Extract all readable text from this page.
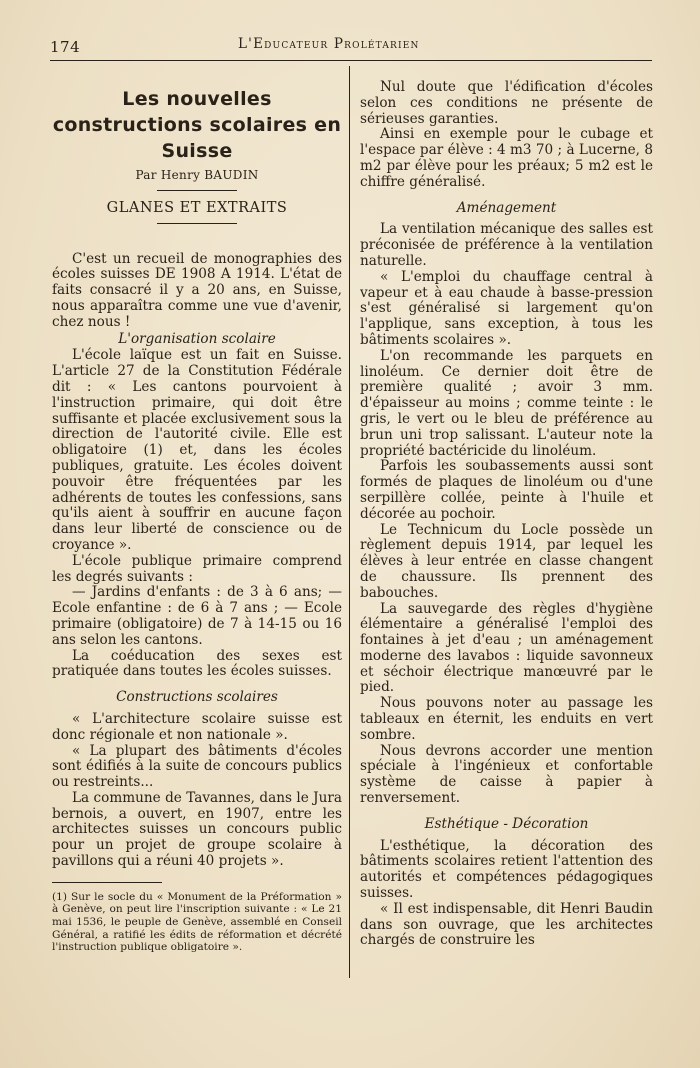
174	L'Educateur Prolétarien
Les nouvelles constructions scolaires en Suisse
Par Henry BAUDIN
GLANES ET EXTRAITS

C'est un recueil de monographies des écoles suisses DE 1908 A 1914. L'état de faits consacré il y a 20 ans, en Suisse, nous apparaîtra comme une vue d'avenir, chez nous !

L'organisation scolaire

L'école laïque est un fait en Suisse. L'article 27 de la Constitution Fédérale dit : « Les cantons pourvoient à l'instruction primaire, qui doit être suffisante et placée exclusivement sous la direction de l'autorité civile. Elle est obligatoire (1) et, dans les écoles publiques, gratuite. Les écoles doivent pouvoir être fréquentées par les adhérents de toutes les confessions, sans qu'ils aient à souffrir en aucune façon dans leur liberté de conscience ou de croyance ».

L'école publique primaire comprend les degrés suivants :

— Jardins d'enfants : de 3 à 6 ans; — Ecole enfantine : de 6 à 7 ans ; — Ecole primaire (obligatoire) de 7 à 14-15 ou 16 ans selon les cantons.

La coéducation des sexes est pratiquée dans toutes les écoles suisses.

Constructions scolaires

« L'architecture scolaire suisse est donc régionale et non nationale ».

« La plupart des bâtiments d'écoles sont édifiés à la suite de concours publics ou restreints...

La commune de Tavannes, dans le Jura bernois, a ouvert, en 1907, entre les architectes suisses un concours public pour un projet de groupe scolaire à pavillons qui a réuni 40 projets ».

(1) Sur le socle du « Monument de la Préformation » à Genève, on peut lire l'inscription suivante : « Le 21 mai 1536, le peuple de Genève, assemblé en Conseil Général, a ratifié les édits de réformation et décrété l'instruction publique obligatoire ».

Nul doute que l'édification d'écoles selon ces conditions ne présente de sérieuses garanties.

Ainsi en exemple pour le cubage et l'espace par élève : 4 m3 70 ; à Lucerne, 8 m2 par élève pour les préaux; 5 m2 est le chiffre généralisé.

Aménagement

La ventilation mécanique des salles est préconisée de préférence à la ventilation naturelle.

« L'emploi du chauffage central à vapeur et à eau chaude à basse-pression s'est généralisé si largement qu'on l'applique, sans exception, à tous les bâtiments scolaires ».

L'on recommande les parquets en linoléum. Ce dernier doit être de première qualité ; avoir 3 mm. d'épaisseur au moins ; comme teinte : le gris, le vert ou le bleu de préférence au brun uni trop salissant. L'auteur note la propriété bactéricide du linoléum.

Parfois les soubassements aussi sont formés de plaques de linoléum ou d'une serpillère collée, peinte à l'huile et décorée au pochoir.

Le Technicum du Locle possède un règlement depuis 1914, par lequel les élèves à leur entrée en classe changent de chaussure. Ils prennent des babouches.

La sauvegarde des règles d'hygiène élémentaire a généralisé l'emploi des fontaines à jet d'eau ; un aménagement moderne des lavabos : liquide savonneux et séchoir électrique manœuvré par le pied.

Nous pouvons noter au passage les tableaux en éternit, les enduits en vert sombre.

Nous devrons accorder une mention spéciale à l'ingénieux et confortable système de caisse à papier à renversement.

Esthétique - Décoration

L'esthétique, la décoration des bâtiments scolaires retient l'attention des autorités et compétences pédagogiques suisses.

« Il est indispensable, dit Henri Baudin dans son ouvrage, que les architectes chargés de construire les
